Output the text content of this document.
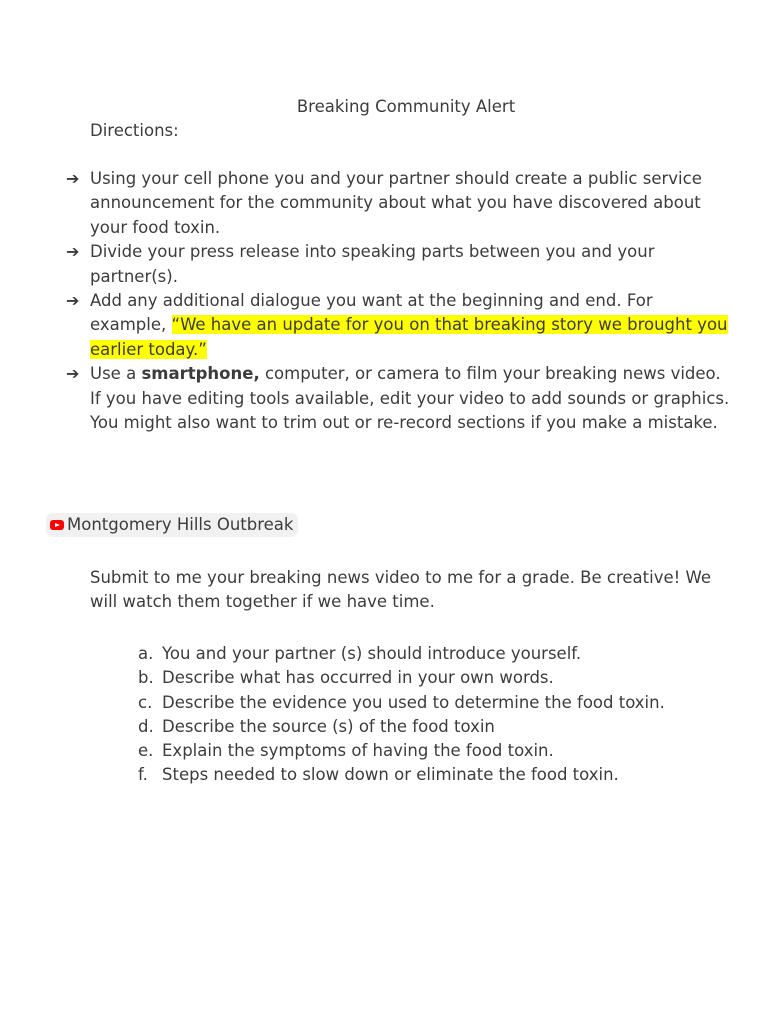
Breaking Community Alert

Directions:

➔ Using your cell phone you and your partner should create a public service announcement for the community about what you have discovered about your food toxin.
➔ Divide your press release into speaking parts between you and your partner(s).
➔ Add any additional dialogue you want at the beginning and end. For example, “We have an update for you on that breaking story we brought you earlier today.”
➔ Use a smartphone, computer, or camera to film your breaking news video.

If you have editing tools available, edit your video to add sounds or graphics. You might also want to trim out or re-record sections if you make a mistake.

Montgomery Hills Outbreak

Submit to me your breaking news video to me for a grade. Be creative! We will watch them together if we have time.

a. You and your partner (s) should introduce yourself.
b. Describe what has occurred in your own words.
c. Describe the evidence you used to determine the food toxin.
d. Describe the source (s) of the food toxin
e. Explain the symptoms of having the food toxin.
f. Steps needed to slow down or eliminate the food toxin.
